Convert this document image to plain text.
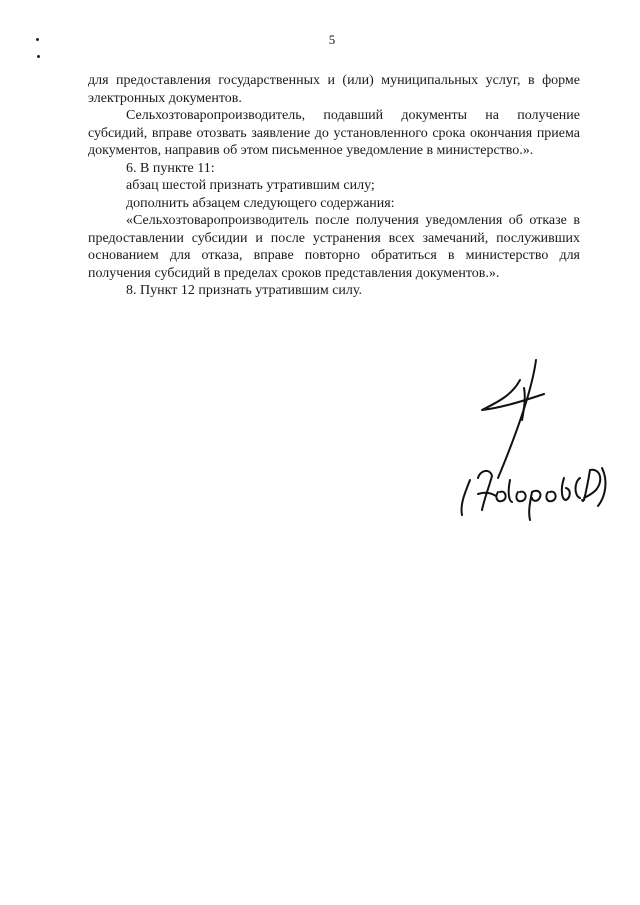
5

для предоставления государственных и (или) муниципальных услуг, в форме электронных документов.

Сельхозтоваропроизводитель, подавший документы на получение субсидий, вправе отозвать заявление до установленного срока окончания приема документов, направив об этом письменное уведомление в министерство.».

6. В пункте 11:

абзац шестой признать утратившим силу;

дополнить абзацем следующего содержания:

«Сельхозтоваропроизводитель после получения уведомления об отказе в предоставлении субсидии и после устранения всех замечаний, послуживших основанием для отказа, вправе повторно обратиться в министерство для получения субсидий в пределах сроков представления документов.».

8. Пункт 12 признать утратившим силу.
